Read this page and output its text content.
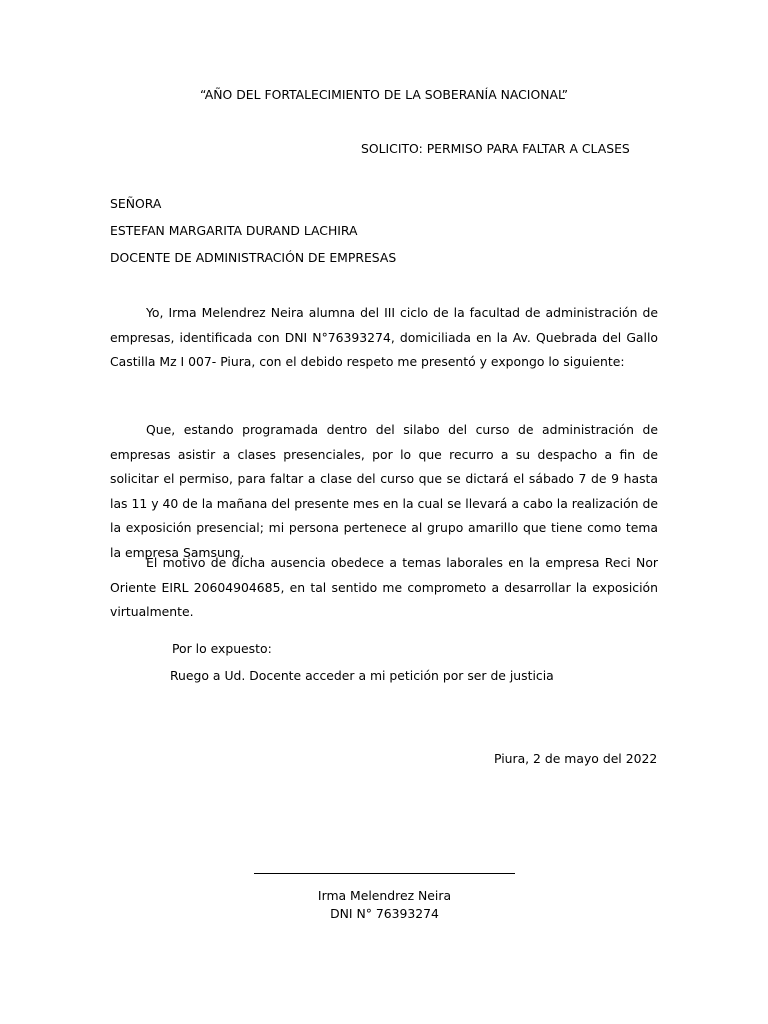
“AÑO DEL FORTALECIMIENTO DE LA SOBERANÍA NACIONAL”
SOLICITO: PERMISO PARA FALTAR A CLASES
SEÑORA
ESTEFAN MARGARITA DURAND LACHIRA
DOCENTE DE ADMINISTRACIÓN DE EMPRESAS

Yo, Irma Melendrez Neira alumna del III ciclo de la facultad de administración de empresas, identificada con DNI N°76393274, domiciliada en la Av. Quebrada del Gallo Castilla Mz I 007- Piura, con el debido respeto me presentó y expongo lo siguiente:

Que, estando programada dentro del silabo del curso de administración de empresas asistir a clases presenciales, por lo que recurro a su despacho a fin de solicitar el permiso, para faltar a clase del curso que se dictará el sábado 7 de 9 hasta las 11 y 40 de la mañana del presente mes en la cual se llevará a cabo la realización de la exposición presencial; mi persona pertenece al grupo amarillo que tiene como tema la empresa Samsung.

El motivo de dicha ausencia obedece a temas laborales en la empresa Reci Nor Oriente EIRL 20604904685, en tal sentido me comprometo a desarrollar la exposición virtualmente.

Por lo expuesto:
Ruego a Ud. Docente acceder a mi petición por ser de justicia
Piura, 2 de mayo del 2022
Irma Melendrez Neira
DNI N° 76393274
